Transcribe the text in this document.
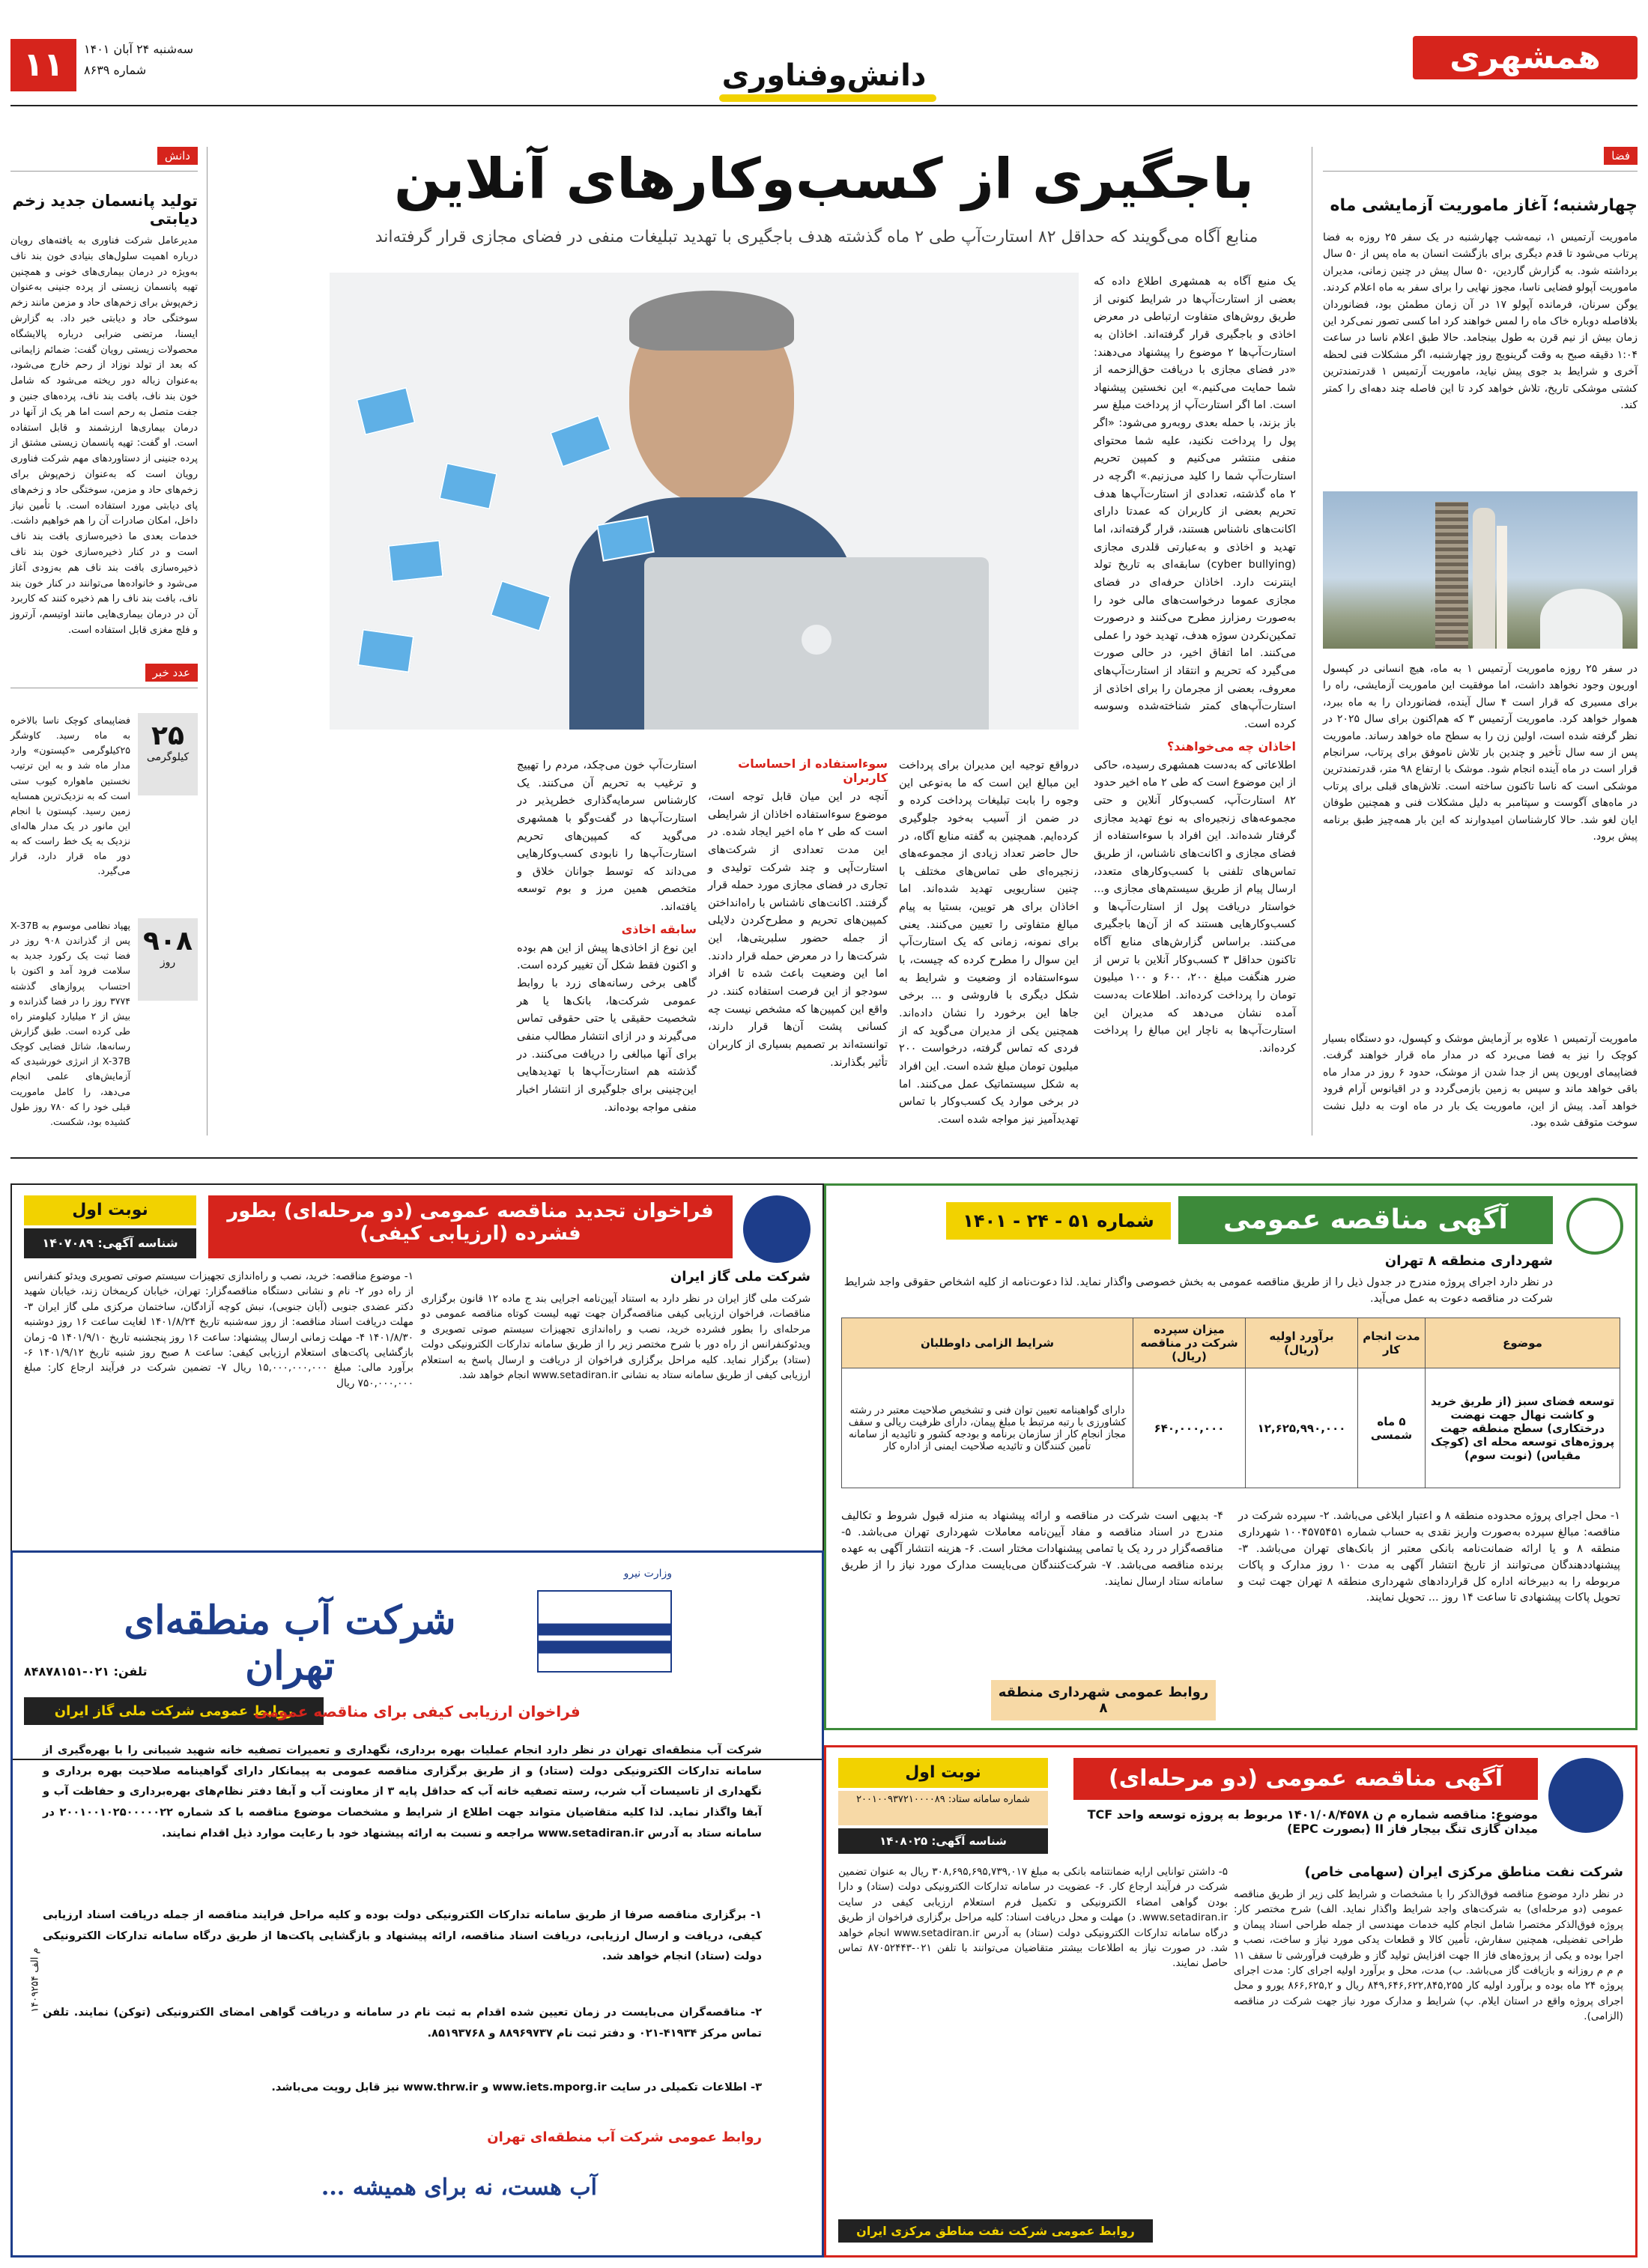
همشهری
دانش‌وفناوری
۱۱	سه‌شنبه ۲۴ آبان ۱۴۰۱
شماره ۸۶۳۹
فضا
چهارشنبه؛ آغاز ماموریت آزمایشی ماه

ماموریت آرتمیس ۱، نیمه‌شب چهارشنبه در یک سفر ۲۵ روزه به فضا پرتاب می‌شود تا قدم دیگری برای بازگشت انسان به ماه پس از ۵۰ سال برداشته شود. به گزارش گاردین، ۵۰ سال پیش در چنین زمانی، مدیران ماموریت آپولو فضایی ناسا، مجوز نهایی را برای سفر به ماه اعلام کردند. یوگن سرنان، فرمانده آپولو ۱۷ در آن زمان مطمئن بود، فضانوردان بلافاصله دوباره خاک ماه را لمس خواهند کرد اما کسی تصور نمی‌کرد این زمان بیش از نیم قرن به طول بینجامد. حالا طبق اعلام ناسا در ساعت ۱:۰۴ دقیقه صبح به وقت گرینویچ روز چهارشنبه، اگر مشکلات فنی لحظه آخری و شرایط بد جوی پیش نیاید، ماموریت آرتمیس ۱ قدرتمندترین کشتی موشکی تاریخ، تلاش خواهد کرد تا این فاصله چند دهه‌ای را کمتر کند.

در سفر ۲۵ روزه ماموریت آرتمیس ۱ به ماه، هیچ انسانی در کپسول اوریون وجود نخواهد داشت، اما موفقیت این ماموریت آزمایشی، راه را برای مسیری که قرار است ۴ سال آینده، فضانوردان را به ماه ببرد، هموار خواهد کرد. ماموریت آرتمیس ۳ که هم‌اکنون برای سال ۲۰۲۵ در نظر گرفته شده است، اولین زن را به سطح ماه خواهد رساند. ماموریت پس از سه سال تأخیر و چندین بار تلاش ناموفق برای پرتاب، سرانجام قرار است در ماه آینده انجام شود. موشک با ارتفاع ۹۸ متر، قدرتمندترین موشکی است که ناسا تاکنون ساخته است. تلاش‌های قبلی برای پرتاب در ماه‌های آگوست و سپتامبر به دلیل مشکلات فنی و همچنین طوفان ایان لغو شد. حالا کارشناسان امیدوارند که این بار همه‌چیز طبق برنامه پیش برود.

ماموریت آرتمیس ۱ علاوه بر آزمایش موشک و کپسول، دو دستگاه بسیار کوچک را نیز به فضا می‌برد که در مدار ماه قرار خواهند گرفت. فضاپیمای اوریون پس از جدا شدن از موشک، حدود ۶ روز در مدار ماه باقی خواهد ماند و سپس به زمین بازمی‌گردد و در اقیانوس آرام فرود خواهد آمد. پیش از این، ماموریت یک بار در ماه اوت به دلیل نشت سوخت متوقف شده بود.

باجگیری از کسب‌وکارهای آنلاین

منابع آگاه می‌گویند که حداقل ۸۲ استارت‌آپ طی ۲ ماه گذشته هدف باجگیری با تهدید تبلیغات منفی در فضای مجازی قرار گرفته‌اند

یک منبع آگاه به همشهری اطلاع داده که بعضی از استارت‌آپ‌ها در شرایط کنونی از طریق روش‌های متفاوت ارتباطی در معرض اخاذی و باجگیری قرار گرفته‌اند. اخاذان به استارت‌آپ‌ها ۲ موضوع را پیشنهاد می‌دهند: «در فضای مجازی با دریافت حق‌الزحمه از شما حمایت می‌کنیم.» این نخستین پیشنهاد است. اما اگر استارت‌آپ از پرداخت مبلغ سر باز بزند، با حمله بعدی روبه‌رو می‌شود: «اگر پول را پرداخت نکنید، علیه شما محتوای منفی منتشر می‌کنیم و کمپین تحریم استارت‌آپ شما را کلید می‌زنیم.» اگرچه در ۲ ماه گذشته، تعدادی از استارت‌آپ‌ها هدف تحریم بعضی از کاربران که عمدتا دارای اکانت‌های ناشناس هستند، قرار گرفته‌اند، اما تهدید و اخاذی و به‌عبارتی قلدری مجازی (cyber bullying) سابقه‌ای به تاریخ تولد اینترنت دارد. اخاذان حرفه‌ای در فضای مجازی عموما درخواست‌های مالی خود را به‌صورت رمزارز مطرح می‌کنند و درصورت تمکین‌نکردن سوژه هدف، تهدید خود را عملی می‌کنند. اما اتفاق اخیر، در حالی صورت می‌گیرد که تحریم و انتقاد از استارت‌آپ‌های معروف، بعضی از مجرمان را برای اخاذی از استارت‌آپ‌های کمتر شناخته‌شده وسوسه کرده است.

اخاذان چه می‌خواهند؟

اطلاعاتی که به‌دست همشهری رسیده، حاکی از این موضوع است که طی ۲ ماه اخیر حدود ۸۲ استارت‌آپ، کسب‌وکار آنلاین و حتی مجموعه‌های زنجیره‌ای به نوع تهدید مجازی گرفتار شده‌اند. این افراد با سوءاستفاده از فضای مجازی و اکانت‌های ناشناس، از طریق تماس‌های تلفنی با کسب‌وکارهای متعدد، ارسال پیام از طریق سیستم‌های مجازی و... خواستار دریافت پول از استارت‌آپ‌ها و کسب‌وکارهایی هستند که از آن‌ها باجگیری می‌کنند. براساس گزارش‌های منابع آگاه تاکنون حداقل ۳ کسب‌وکار آنلاین با ترس از ضرر هنگفت مبلغ ۲۰۰، ۶۰۰ و ۱۰۰ میلیون تومان را پرداخت کرده‌اند. اطلاعات به‌دست آمده نشان می‌دهد که مدیران این استارت‌آپ‌ها به ناچار این مبالغ را پرداخت کرده‌اند.

درواقع توجیه این مدیران برای پرداخت این مبالغ این است که ما به‌نوعی این وجوه را بابت تبلیغات پرداخت کرده و در ضمن از آسیب به‌خود جلوگیری کرده‌ایم. همچنین به گفته منابع آگاه، در حال حاضر تعداد زیادی از مجموعه‌های زنجیره‌ای طی تماس‌های مختلف با چنین سناریویی تهدید شده‌اند. اما اخاذان برای هر تویین، بستیا به پیام مبالغ متفاوتی را تعیین می‌کنند. یعنی برای نمونه، زمانی که یک استارت‌آپ این سوال را مطرح کرده که چیست، با سوءاستفاده از وضعیت و شرایط به شکل دیگری با فاروشی و ... برخی جاها این برخورد را نشان داده‌اند. همچنین یکی از مدیران می‌گوید که از فردی که تماس گرفته، درخواست ۲۰۰ میلیون تومان مبلغ شده است. این افراد به شکل سیستماتیک عمل می‌کنند. اما در برخی موارد یک کسب‌وکار با تماس تهدیدآمیز نیز مواجه شده است.

سوءاستفاده از احساسات کاربران

آنچه در این میان قابل توجه است، موضوع سوءاستفاده اخاذان از شرایطی است که طی ۲ ماه اخیر ایجاد شده. در این مدت تعدادی از شرکت‌های استارت‌آپی و چند شرکت تولیدی و تجاری در فضای مجازی مورد حمله قرار گرفتند. اکانت‌های ناشناس با راه‌انداختن کمپین‌های تحریم و مطرح‌کردن دلایلی از جمله حضور سلبریتی‌ها، این شرکت‌ها را در معرض حمله قرار دادند. اما این وضعیت باعث شده تا افراد سودجو از این فرصت استفاده کنند. در واقع این کمپین‌ها که مشخص نیست چه کسانی پشت آن‌ها قرار دارند، توانسته‌اند بر تصمیم بسیاری از کاربران تأثیر بگذارند.

استارت‌آپ خون می‌چکد، مردم را تهییج و ترغیب به تحریم آن می‌کنند. یک کارشناس سرمایه‌گذاری خطرپذیر در استارت‌آپ‌ها در گفت‌وگو با همشهری می‌گوید که کمپین‌های تحریم استارت‌آپ‌ها را نابودی کسب‌وکارهایی می‌داند که توسط جوانان خلاق و متخصص همین مرز و بوم توسعه یافته‌اند.

سابقه اخاذی

این نوع از اخاذی‌ها پیش از این هم بوده و اکنون فقط شکل آن تغییر کرده است. گاهی برخی رسانه‌های زرد با روابط عمومی شرکت‌ها، بانک‌ها یا هر شخصیت حقیقی یا حتی حقوقی تماس می‌گیرند و در ازای انتشار مطالب منفی برای آنها مبالغی را دریافت می‌کنند. در گذشته هم استارت‌آپ‌ها با تهدیدهایی این‌چنینی برای جلوگیری از انتشار اخبار منفی مواجه بوده‌اند.

دانش
تولید پانسمان جدید زخم دیابتی

مدیرعامل شرکت فناوری به یافته‌های رویان درباره اهمیت سلول‌های بنیادی خون بند ناف به‌ویژه در درمان بیماری‌های خونی و همچنین تهیه پانسمان زیستی از پرده جنینی به‌عنوان زخم‌پوش برای زخم‌های حاد و مزمن مانند زخم سوختگی حاد و دیابتی خبر داد. به گزارش ایسنا، مرتضی ضرابی درباره پالایشگاه محصولات زیستی رویان گفت: ضمائم زایمانی که بعد از تولد نوزاد از رحم خارج می‌شود، به‌عنوان زباله دور ریخته می‌شود که شامل خون بند ناف، بافت بند ناف، پرده‌های جنین و جفت متصل به رحم است اما هر یک از آنها در درمان بیماری‌ها ارزشمند و قابل استفاده است. او گفت: تهیه پانسمان زیستی مشتق از پرده جنینی از دستاوردهای مهم شرکت فناوری رویان است که به‌عنوان زخم‌پوش برای زخم‌های حاد و مزمن، سوختگی حاد و زخم‌های پای دیابتی مورد استفاده است. با تأمین نیاز داخل، امکان صادرات آن را هم خواهیم داشت. خدمات بعدی ما ذخیره‌سازی بافت بند ناف است و در کنار ذخیره‌سازی خون بند ناف ذخیره‌سازی بافت بند ناف هم به‌زودی آغاز می‌شود و خانواده‌ها می‌توانند در کنار خون بند ناف، بافت بند ناف را هم ذخیره کنند که کاربرد آن در درمان بیماری‌هایی مانند اوتیسم، آرتروز و فلج مغزی قابل استفاده است.

عدد خبر
۲۵
کیلوگرمی

فضاپیمای کوچک ناسا بالاخره به ماه رسید. کاوشگر ۲۵کیلوگرمی «کپستون» وارد مدار ماه شد و به این ترتیب نخستین ماهواره کیوب ستی است که به نزدیک‌ترین همسایه زمین رسید. کپستون با انجام این مانور در یک مدار هاله‌ای نزدیک به یک خط راست که به دور ماه قرار دارد، قرار می‌گیرد.

۹۰۸
روز

پهپاد نظامی موسوم به X-37B پس از گذراندن ۹۰۸ روز در فضا ثبت یک رکورد جدید به سلامت فرود آمد و اکنون با احتساب پروازهای گذشته ۳۷۷۴ روز را در فضا گذرانده و بیش از ۲ میلیارد کیلومتر راه طی کرده است. طبق گزارش رسانه‌ها، شاتل فضایی کوچک X-37B از انرژی خورشیدی که آزمایش‌های علمی انجام می‌دهد، را کامل ماموریت قبلی خود را که ۷۸۰ روز طول کشیده بود، شکست.

آگهی مناقصه عمومی
شماره ۵۱ - ۲۴ - ۱۴۰۱
شهرداری منطقه ۸ تهران

در نظر دارد اجرای پروژه مندرج در جدول ذیل را از طریق مناقصه عمومی به بخش خصوصی واگذار نماید. لذا دعوت‌نامه از کلیه اشخاص حقوقی واجد شرایط شرکت در مناقصه دعوت به عمل می‌آید.

موضوع	مدت انجام کار	برآورد اولیه (ریال)	میزان سپرده شرکت در مناقصه (ریال)	شرایط الزامی داوطلبان
توسعه فضای سبز (از طریق خرید و کاشت نهال جهت نهضت درختکاری) سطح منطقه جهت پروژه‌های توسعه محله ای (کوچک مقیاس) (نوبت سوم)	۵ ماه شمسی	۱۲,۶۲۵,۹۹۰,۰۰۰	۶۴۰,۰۰۰,۰۰۰	دارای گواهینامه تعیین توان فنی و تشخیص صلاحیت معتبر در رشته کشاورزی با رتبه مرتبط با مبلغ پیمان، دارای ظرفیت ریالی و سقف مجاز انجام کار از سازمان برنامه و بودجه کشور و تائیدیه از سامانه تأمین کنندگان و تائیدیه صلاحیت ایمنی از اداره کار

۱- محل اجرای پروژه محدوده منطقه ۸ و اعتبار ابلاغی می‌باشد. ۲- سپرده شرکت در مناقصه: مبالغ سپرده به‌صورت واریز نقدی به حساب شماره ۱۰۰۴۵۷۵۴۵۱ شهرداری منطقه ۸ و یا ارائه ضمانت‌نامه بانکی معتبر از بانک‌های تهران می‌باشد. ۳- پیشنهاددهندگان می‌توانند از تاریخ انتشار آگهی به مدت ۱۰ روز مدارک و پاکات مربوطه را به دبیرخانه اداره کل قراردادهای شهرداری منطقه ۸ تهران جهت ثبت و تحویل پاکات پیشنهادی تا ساعت ۱۴ روز ... تحویل نمایند.

۴- بدیهی است شرکت در مناقصه و ارائه پیشنهاد به منزله قبول شروط و تکالیف مندرج در اسناد مناقصه و مفاد آیین‌نامه معاملات شهرداری تهران می‌باشد. ۵- مناقصه‌گزار در رد یک یا تمامی پیشنهادات مختار است. ۶- هزینه انتشار آگهی به عهده برنده مناقصه می‌باشد. ۷- شرکت‌کنندگان می‌بایست مدارک مورد نیاز را از طریق سامانه ستاد ارسال نمایند.

روابط عمومی شهرداری منطقه ۸
فراخوان تجدید مناقصه عمومی (دو مرحله‌ای) بطور فشرده (ارزیابی کیفی)
نوبت اول
شناسه آگهی: ۱۴۰۷۰۸۹
شرکت ملی گاز ایران

شرکت ملی گاز ایران در نظر دارد به استناد آیین‌نامه اجرایی بند ج ماده ۱۲ قانون برگزاری مناقصات، فراخوان ارزیابی کیفی مناقصه‌گران جهت تهیه لیست کوتاه مناقصه عمومی دو مرحله‌ای را بطور فشرده خرید، نصب و راه‌اندازی تجهیزات سیستم صوتی تصویری و ویدئوکنفرانس از راه دور با شرح مختصر زیر را از طریق سامانه تدارکات الکترونیکی دولت (ستاد) برگزار نماید. کلیه مراحل برگزاری فراخوان از دریافت و ارسال پاسخ به استعلام ارزیابی کیفی از طریق سامانه ستاد به نشانی www.setadiran.ir انجام خواهد شد.

۱- موضوع مناقصه: خرید، نصب و راه‌اندازی تجهیزات سیستم صوتی تصویری ویدئو کنفرانس از راه دور ۲- نام و نشانی دستگاه مناقصه‌گزار: تهران، خیابان کریمخان زند، خیابان شهید دکتر عضدی جنوبی (آبان جنوبی)، نبش کوچه آزادگان، ساختمان مرکزی ملی گاز ایران ۳- مهلت دریافت اسناد مناقصه: از روز سه‌شنبه تاریخ ۱۴۰۱/۸/۲۴ لغایت ساعت ۱۶ روز دوشنبه ۱۴۰۱/۸/۳۰ ۴- مهلت زمانی ارسال پیشنهاد: ساعت ۱۶ روز پنجشنبه تاریخ ۱۴۰۱/۹/۱۰ ۵- زمان بازگشایی پاکت‌های استعلام ارزیابی کیفی: ساعت ۸ صبح روز شنبه تاریخ ۱۴۰۱/۹/۱۲ ۶- برآورد مالی: مبلغ ۱۵,۰۰۰,۰۰۰,۰۰۰ ریال ۷- تضمین شرکت در فرآیند ارجاع کار: مبلغ ۷۵۰,۰۰۰,۰۰۰ ریال

تلفن: ۰۲۱-۸۴۸۷۸۱۵۱
روابط عمومی شرکت ملی گاز ایران
وزارت نیرو
شرکت آب منطقه‌ای تهران
فراخوان ارزیابی کیفی برای مناقصه عمومی

شرکت آب منطقه‌ای تهران در نظر دارد انجام عملیات بهره برداری، نگهداری و تعمیرات تصفیه خانه شهید شیبانی را با بهره‌گیری از سامانه تدارکات الکترونیکی دولت (ستاد) و از طریق برگزاری مناقصه عمومی به پیمانکار دارای گواهینامه صلاحیت بهره برداری و نگهداری از تاسیسات آب شرب، رسته تصفیه خانه آب که حداقل پایه ۳ از معاونت آب و آبفا دفتر نظام‌های بهره‌برداری و حفاظت آب و آبفا واگذار نماید. لذا کلیه متقاضیان متواند جهت اطلاع از شرایط و مشخصات موضوع مناقصه با کد شماره ۲۰۰۱۰۰۱۰۲۵۰۰۰۰۰۲۲ در سامانه ستاد به آدرس www.setadiran.ir مراجعه و نسبت به ارائه پیشنهاد خود با رعایت موارد ذیل اقدام نمایند.

۱- برگزاری مناقصه صرفا از طریق سامانه تدارکات الکترونیکی دولت بوده و کلیه مراحل فرایند مناقصه از جمله دریافت اسناد ارزیابی کیفی، دریافت و ارسال ارزیابی، دریافت اسناد مناقصه، ارائه پیشنهاد و بازگشایی پاکت‌ها از طریق درگاه سامانه تدارکات الکترونیکی دولت (ستاد) انجام خواهد شد.

۲- مناقصه‌گران می‌بایست در زمان تعیین شده اقدام به ثبت نام در سامانه و دریافت گواهی امضای الکترونیکی (توکن) نمایند. تلفن تماس مرکز ۴۱۹۳۴-۰۲۱ و دفتر ثبت نام ۸۸۹۶۹۷۳۷ و ۸۵۱۹۳۷۶۸.

۳- اطلاعات تکمیلی در سایت www.iets.mporg.ir و www.thrw.ir نیز قابل رویت می‌باشد.

روابط عمومی شرکت آب منطقه‌ای تهران
آب هست، نه برای همیشه ...
م الف ۱۴۰۹۲۵۴
آگهی مناقصه عمومی (دو مرحله‌ای)
نوبت اول
شماره سامانه ستاد: ۲۰۰۱۰۰۹۳۷۲۱۰۰۰۰۸۹
شناسه آگهی: ۱۴۰۸۰۲۵
موضوع: مناقصه شماره م ن ۱۴۰۱/۰۸/۴۵۷۸ مربوط به پروژه توسعه واحد TCF میدان گازی تنگ بیجار فاز II (بصورت EPC)
شرکت نفت مناطق مرکزی ایران (سهامی خاص)

در نظر دارد موضوع مناقصه فوق‌الذکر را با مشخصات و شرایط کلی زیر از طریق مناقصه عمومی (دو مرحله‌ای) به شرکت‌های واجد شرایط واگذار نماید. الف) شرح مختصر کار: پروژه فوق‌الذکر مختصرا شامل انجام کلیه خدمات مهندسی از جمله طراحی اسناد پیمان و طراحی تفضیلی، همچنین سفارش، تأمین کالا و قطعات یدکی مورد نیاز و ساخت، نصب و اجرا بوده و یکی از پروژه‌های فاز II جهت افزایش تولید گاز و ظرفیت فرآورشی تا سقف ۱۱ م م م روزانه و بازیافت گاز می‌باشد. ب) مدت، محل و برآورد اولیه اجرای کار: مدت اجرای پروژه ۲۴ ماه بوده و برآورد اولیه کار ۸۴۹,۶۴۶,۶۲۲,۸۴۵,۲۵۵ ریال و ۸۶۶,۶۲۵,۲ یورو و محل اجرای پروژه واقع در استان ایلام. پ) شرایط و مدارک مورد نیاز جهت شرکت در مناقصه (الزامی).

۵- داشتن توانایی ارایه ضمانتنامه بانکی به مبلغ ۳۰۸,۶۹۵,۶۹۵,۷۳۹,۰۱۷ ریال به عنوان تضمین شرکت در فرآیند ارجاع کار. ۶- عضویت در سامانه تدارکات الکترونیکی دولت (ستاد) و دارا بودن گواهی امضاء الکترونیکی و تکمیل فرم استعلام ارزیابی کیفی در سایت www.setadiran.ir. د) مهلت و محل دریافت اسناد: کلیه مراحل برگزاری فراخوان از طریق درگاه سامانه تدارکات الکترونیکی دولت (ستاد) به آدرس www.setadiran.ir انجام خواهد شد. در صورت نیاز به اطلاعات بیشتر متقاضیان می‌توانند با تلفن ۰۲۱-۸۷۰۵۲۴۴۳ تماس حاصل نمایند.

روابط عمومی شرکت نفت مناطق مرکزی ایران
